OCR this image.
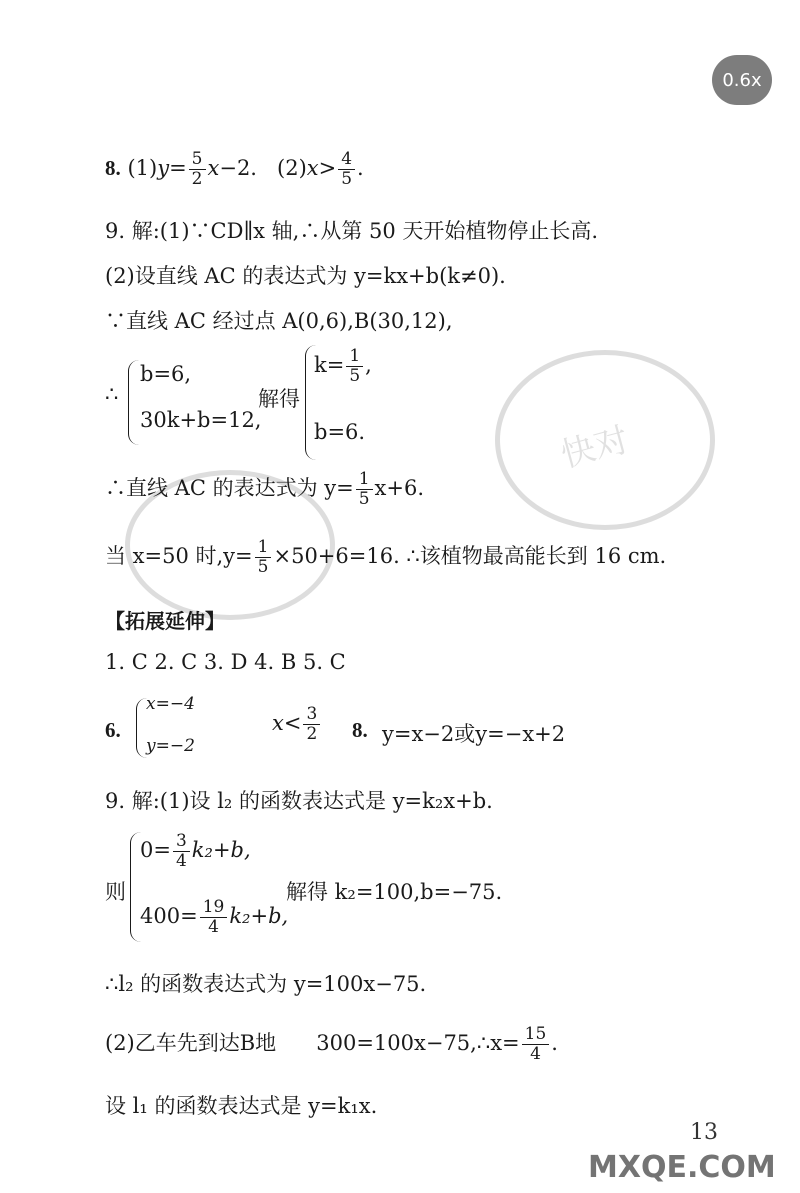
0.6x
快对
8. $(1)y= \frac{5}{2} x-2$. $(2)x> \frac{4}{5}$ .
9. 解:(1)∵CD∥x 轴,∴从第 50 天开始植物停止长高.
(2)设直线 AC 的表达式为 y=kx+b(k≠0).
∵直线 AC 经过点 A(0,6),B(30,12),
∴
b=6,
30k+b=12,
解得
$k= \frac{1}{5}$ ,
b=6.
∴直线 AC 的表达式为 $y= \frac{1}{5} x+6$.
当 x=50 时$,y= \frac{1}{5} \times 50+6=16$. ∴该植物最高能长到 16 cm.
【拓展延伸】
1. C 2. C 3. D 4. B 5. C
6.
x=−4
y=−2
$x< \frac{3}{2} 8$. y=x−2或y=−x+2
9. 解:(1)设 l₂ 的函数表达式是 y=k₂x+b.
则
$0= \frac{3}{4} k_2+b$,
$400= \frac{19}{4} k_2+b$,
解得 k₂=100,b=−75.
∴l₂ 的函数表达式为 y=100x−75.
(2)乙车先到达B地 300=100x−75,∴x= $\frac{15}{4}$ .
设 l₁ 的函数表达式是 y=k₁x.
13
MXQE.COM
